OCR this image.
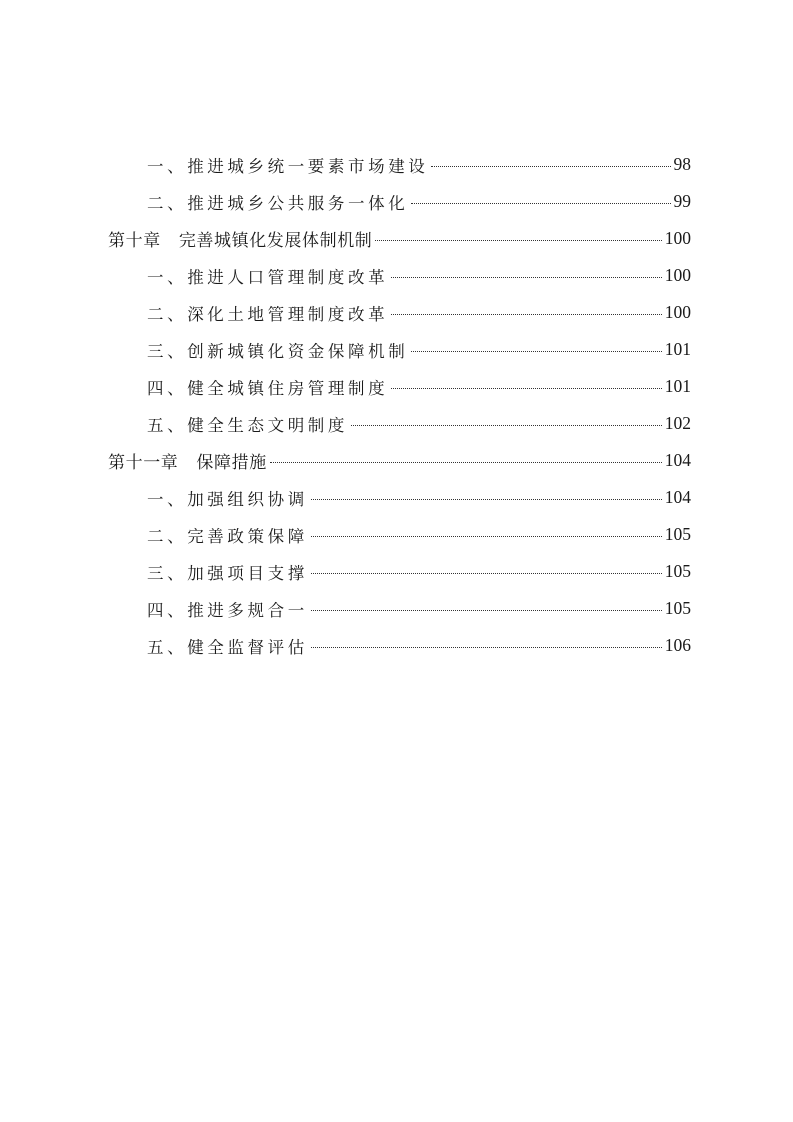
一、推进城乡统一要素市场建设	98
二、推进城乡公共服务一体化	99
第十章 完善城镇化发展体制机制	100
一、推进人口管理制度改革	100
二、深化土地管理制度改革	100
三、创新城镇化资金保障机制	101
四、健全城镇住房管理制度	101
五、健全生态文明制度	102
第十一章 保障措施	104
一、加强组织协调	104
二、完善政策保障	105
三、加强项目支撑	105
四、推进多规合一	105
五、健全监督评估	106
